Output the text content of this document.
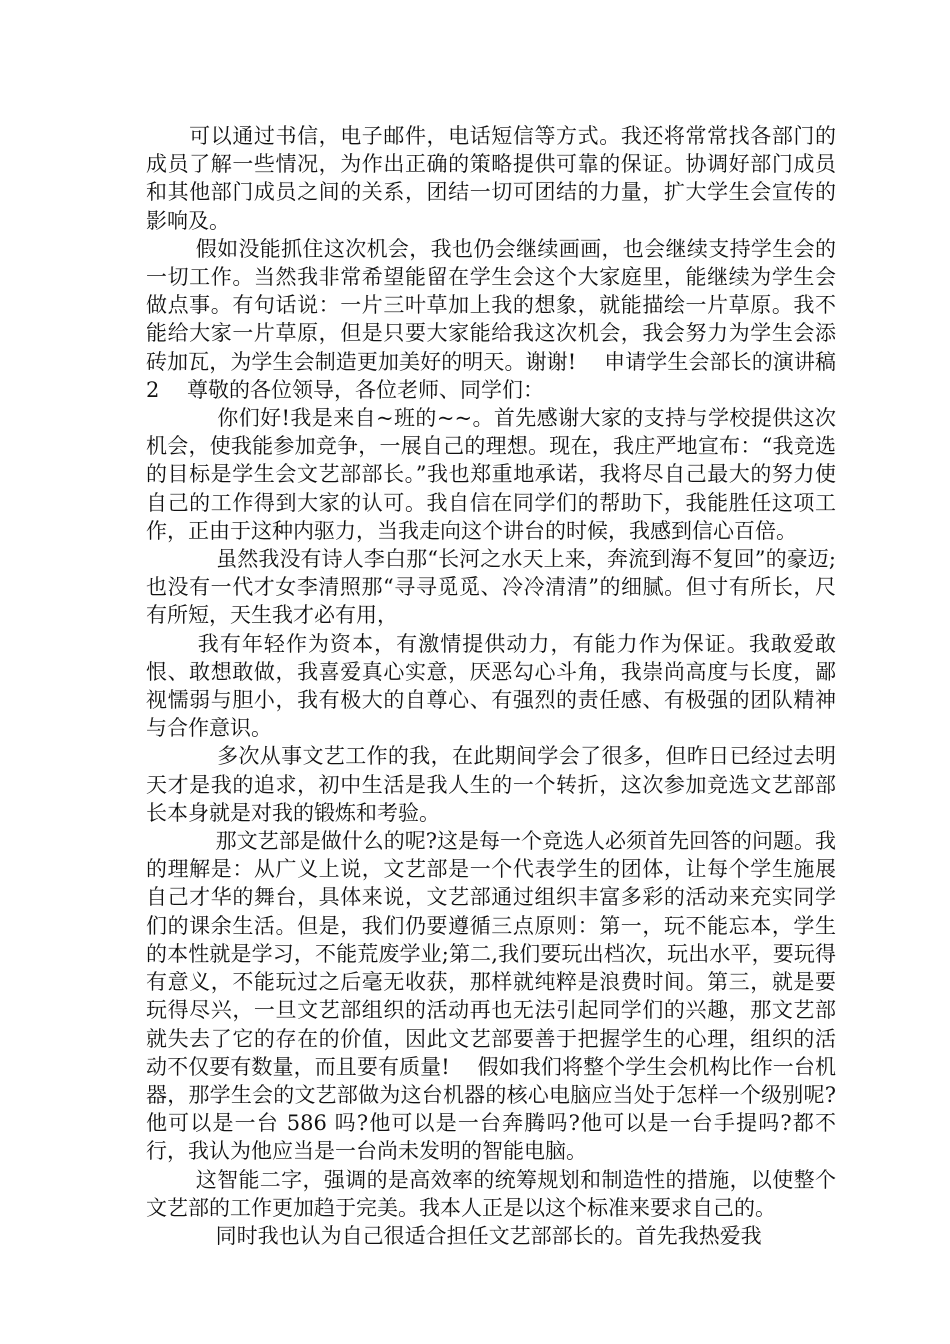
　　可以通过书信，电子邮件，电话短信等方式。我还将常常找各部门的成员了解一些情况，为作出正确的策略提供可靠的保证。协调好部门成员和其他部门成员之间的关系，团结一切可团结的力量，扩大学生会宣传的影响及。

　　 假如没能抓住这次机会，我也仍会继续画画，也会继续支持学生会的一切工作。当然我非常希望能留在学生会这个大家庭里，能继续为学生会做点事。有句话说：一片三叶草加上我的想象，就能描绘一片草原。我不能给大家一片草原，但是只要大家能给我这次机会，我会努力为学生会添砖加瓦，为学生会制造更加美好的明天。谢谢!　 申请学生会部长的演讲稿 2　 尊敬的各位领导，各位老师、同学们：

　　　 你们好!我是来自~班的~~。首先感谢大家的支持与学校提供这次机会，使我能参加竞争，一展自己的理想。现在，我庄严地宣布：“我竞选的目标是学生会文艺部部长。”我也郑重地承诺，我将尽自己最大的努力使自己的工作得到大家的认可。我自信在同学们的帮助下，我能胜任这项工作，正由于这种内驱力，当我走向这个讲台的时候，我感到信心百倍。

　　　 虽然我没有诗人李白那“长河之水天上来，奔流到海不复回”的豪迈;也没有一代才女李清照那“寻寻觅觅、冷冷清清”的细腻。但寸有所长，尺有所短，天生我才必有用，

　　 我有年轻作为资本，有激情提供动力，有能力作为保证。我敢爱敢恨、敢想敢做，我喜爱真心实意，厌恶勾心斗角，我崇尚高度与长度，鄙视懦弱与胆小，我有极大的自尊心、有强烈的责任感、有极强的团队精神与合作意识。

　　　 多次从事文艺工作的我，在此期间学会了很多，但昨日已经过去明天才是我的追求，初中生活是我人生的一个转折，这次参加竞选文艺部部长本身就是对我的锻炼和考验。

　　　 那文艺部是做什么的呢?这是每一个竞选人必须首先回答的问题。我的理解是：从广义上说，文艺部是一个代表学生的团体，让每个学生施展自己才华的舞台，具体来说，文艺部通过组织丰富多彩的活动来充实同学们的课余生活。但是，我们仍要遵循三点原则：第一，玩不能忘本，学生的本性就是学习，不能荒废学业;第二,我们要玩出档次，玩出水平，要玩得有意义，不能玩过之后毫无收获，那样就纯粹是浪费时间。第三，就是要玩得尽兴，一旦文艺部组织的活动再也无法引起同学们的兴趣，那文艺部就失去了它的存在的价值，因此文艺部要善于把握学生的心理，组织的活动不仅要有数量，而且要有质量!　 假如我们将整个学生会机构比作一台机器，那学生会的文艺部做为这台机器的核心电脑应当处于怎样一个级别呢?他可以是一台 586 吗?他可以是一台奔腾吗?他可以是一台手提吗?都不行，我认为他应当是一台尚未发明的智能电脑。

　　 这智能二字，强调的是高效率的统筹规划和制造性的措施，以使整个文艺部的工作更加趋于完美。我本人正是以这个标准来要求自己的。

　　　 同时我也认为自己很适合担任文艺部部长的。首先我热爱我
